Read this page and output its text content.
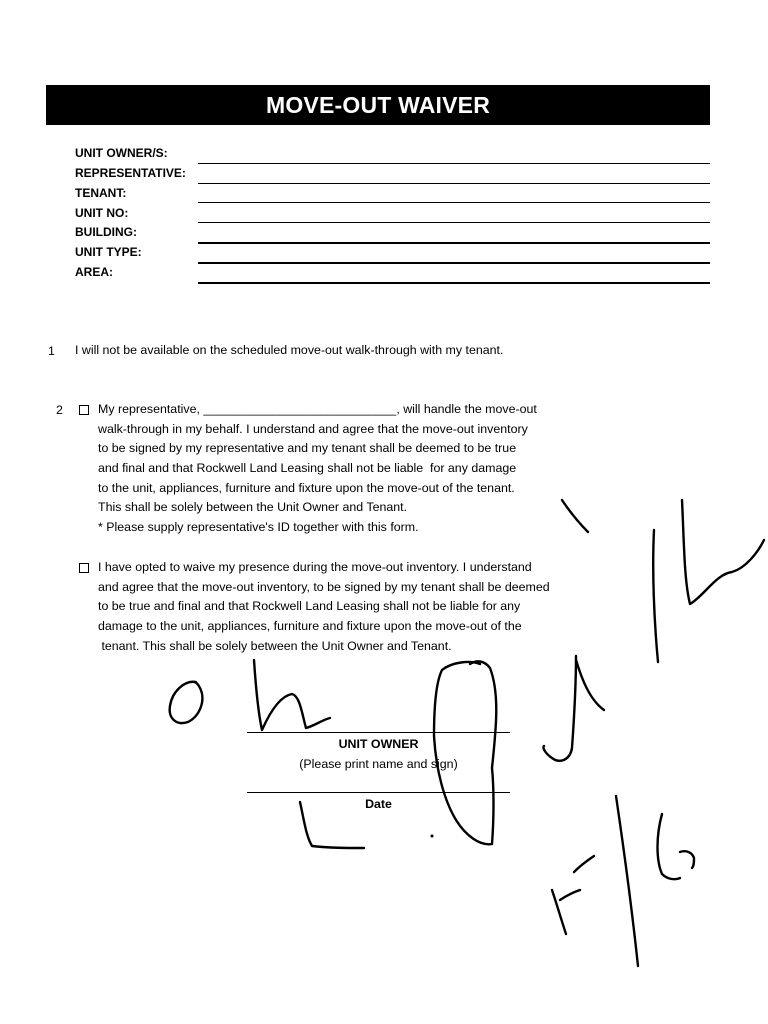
MOVE-OUT WAIVER
UNIT OWNER/S:
REPRESENTATIVE:
TENANT:
UNIT NO:
BUILDING:
UNIT TYPE:
AREA:
1 I will not be available on the scheduled move-out walk-through with my tenant.
2	My representative, ____________________________, will handle the move-out
walk-through in my behalf. I understand and agree that the move-out inventory
to be signed by my representative and my tenant shall be deemed to be true
and final and that Rockwell Land Leasing shall not be liable  for any damage
to the unit, appliances, furniture and fixture upon the move-out of the tenant.
This shall be solely between the Unit Owner and Tenant.
* Please supply representative's ID together with this form.
I have opted to waive my presence during the move-out inventory. I understand
and agree that the move-out inventory, to be signed by my tenant shall be deemed
to be true and final and that Rockwell Land Leasing shall not be liable for any
damage to the unit, appliances, furniture and fixture upon the move-out of the
tenant. This shall be solely between the Unit Owner and Tenant.
UNIT OWNER
(Please print name and sign)
Date
